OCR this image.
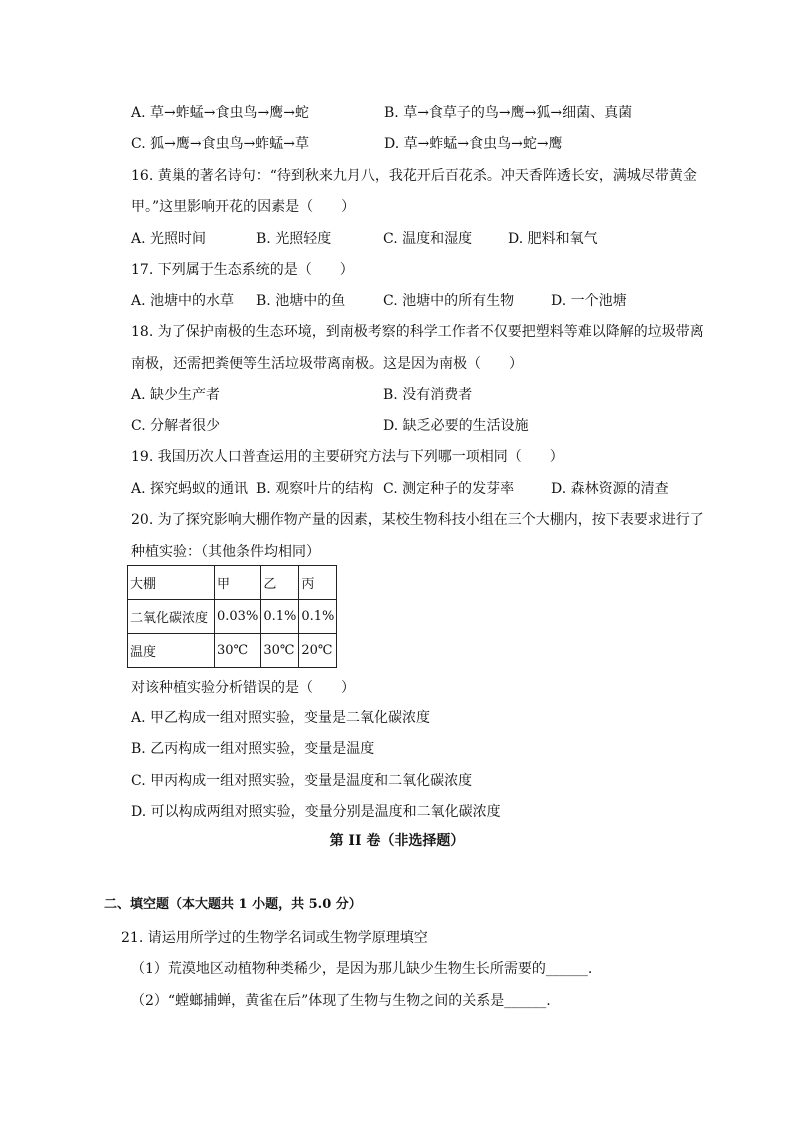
A. 草→蚱蜢→食虫鸟→鹰→蛇	B. 草→食草子的鸟→鹰→狐→细菌、真菌
C. 狐→鹰→食虫鸟→蚱蜢→草	D. 草→蚱蜢→食虫鸟→蛇→鹰
16. 黄巢的著名诗句：“待到秋来九月八，我花开后百花杀。冲天香阵透长安，满城尽带黄金
甲。”这里影响开花的因素是（　　）
A. 光照时间	B. 光照轻度	C. 温度和湿度	D. 肥料和氧气
17. 下列属于生态系统的是（　　）
A. 池塘中的水草 B. 池塘中的鱼	C. 池塘中的所有生物	D. 一个池塘
18. 为了保护南极的生态环境，到南极考察的科学工作者不仅要把塑料等难以降解的垃圾带离
南极，还需把粪便等生活垃圾带离南极。这是因为南极（　　）
A. 缺少生产者	B. 没有消费者
C. 分解者很少	D. 缺乏必要的生活设施
19. 我国历次人口普查运用的主要研究方法与下列哪一项相同（　　）
A. 探究蚂蚁的通讯 B. 观察叶片的结构 C. 测定种子的发芽率	D. 森林资源的清查
20. 为了探究影响大棚作物产量的因素，某校生物科技小组在三个大棚内，按下表要求进行了
种植实验：（其他条件均相同）
大棚	甲	乙	丙
二氧化碳浓度	0.03%	0.1%	0.1%
温度	30℃	30℃	20℃
对该种植实验分析错误的是（　　）
A. 甲乙构成一组对照实验，变量是二氧化碳浓度
B. 乙丙构成一组对照实验，变量是温度
C. 甲丙构成一组对照实验，变量是温度和二氧化碳浓度
D. 可以构成两组对照实验，变量分别是温度和二氧化碳浓度
第 II 卷（非选择题）
二、填空题（本大题共 1 小题，共 5.0 分）
21. 请运用所学过的生物学名词或生物学原理填空
（1）荒漠地区动植物种类稀少，是因为那儿缺少生物生长所需要的______.
（2）“螳螂捕蝉，黄雀在后”体现了生物与生物之间的关系是______.
